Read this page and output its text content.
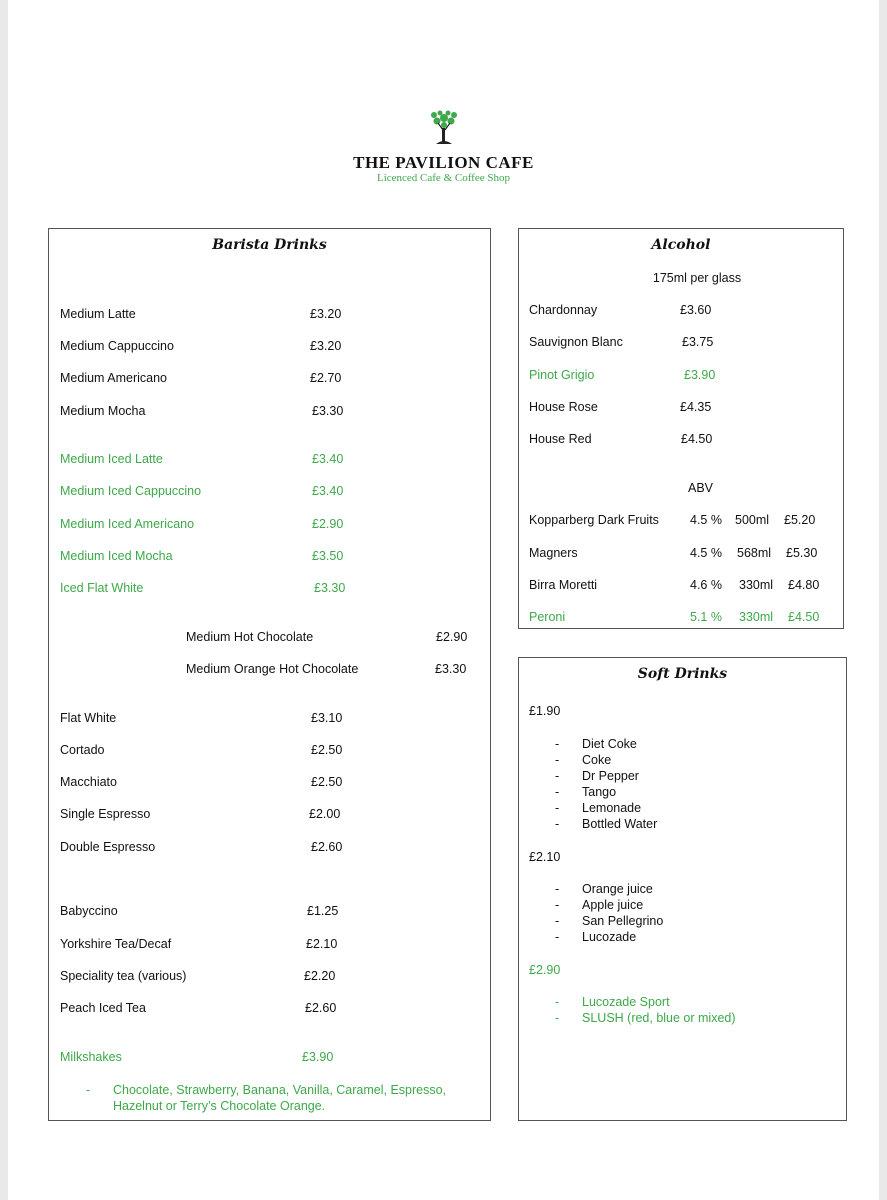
THE PAVILION CAFE
Licenced Cafe & Coffee Shop
Barista Drinks
Medium Latte	£3.20
Medium Cappuccino	£3.20
Medium Americano	£2.70
Medium Mocha	£3.30
Medium Iced Latte	£3.40
Medium Iced Cappuccino	£3.40
Medium Iced Americano	£2.90
Medium Iced Mocha	£3.50
Iced Flat White	£3.30
Medium Hot Chocolate	£2.90
Medium Orange Hot Chocolate	£3.30
Flat White	£3.10
Cortado	£2.50
Macchiato	£2.50
Single Espresso	£2.00
Double Espresso	£2.60
Babyccino	£1.25
Yorkshire Tea/Decaf	£2.10
Speciality tea (various)	£2.20
Peach Iced Tea	£2.60
Milkshakes	£3.90
- Chocolate, Strawberry, Banana, Vanilla, Caramel, Espresso,
Hazelnut or Terry’s Chocolate Orange.
Alcohol
175ml per glass
Chardonnay	£3.60
Sauvignon Blanc	£3.75
Pinot Grigio	£3.90
House Rose	£4.35
House Red	£4.50
ABV
Kopparberg Dark Fruits 4.5 % 500ml £5.20
Magners	4.5 % 568ml £5.30
Birra Moretti	4.6 % 330ml £4.80
Peroni	5.1 % 330ml £4.50
Soft Drinks
£1.90
- Diet Coke
- Coke
- Dr Pepper
- Tango
- Lemonade
- Bottled Water
£2.10
- Orange juice
- Apple juice
- San Pellegrino
- Lucozade
£2.90
- Lucozade Sport
- SLUSH (red, blue or mixed)
